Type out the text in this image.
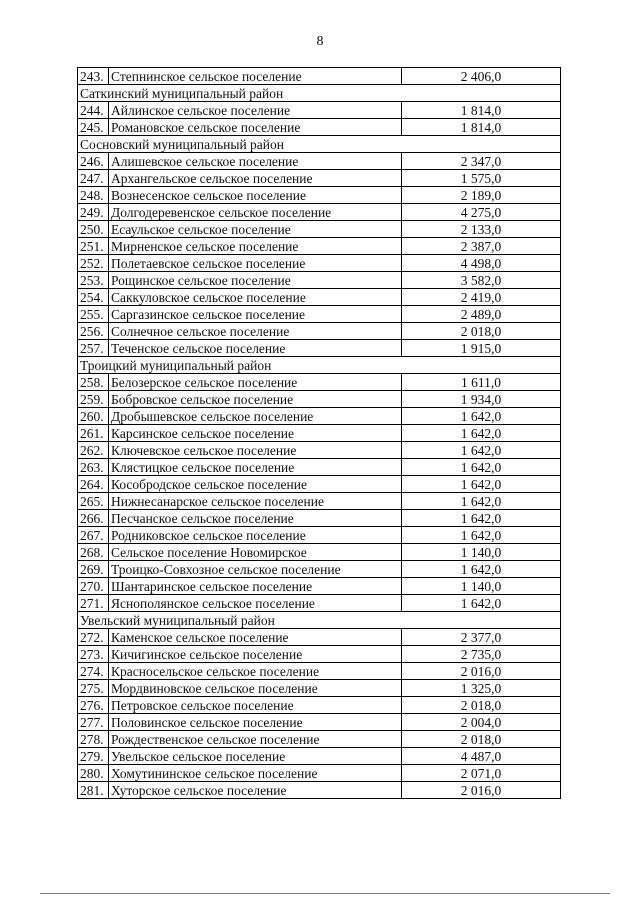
8
243.	Степнинское сельское поселение	2 406,0
Саткинский муниципальный район		
244.	Айлинское сельское поселение	1 814,0
245.	Романовское сельское поселение	1 814,0
Сосновский муниципальный район		
246.	Алишевское сельское поселение	2 347,0
247.	Архангельское сельское поселение	1 575,0
248.	Вознесенское сельское поселение	2 189,0
249.	Долгодеревенское сельское поселение	4 275,0
250.	Есаульское сельское поселение	2 133,0
251.	Мирненское сельское поселение	2 387,0
252.	Полетаевское сельское поселение	4 498,0
253.	Рощинское сельское поселение	3 582,0
254.	Саккуловское сельское поселение	2 419,0
255.	Саргазинское сельское поселение	2 489,0
256.	Солнечное сельское поселение	2 018,0
257.	Теченское сельское поселение	1 915,0
Троицкий муниципальный район		
258.	Белозерское сельское поселение	1 611,0
259.	Бобровское сельское поселение	1 934,0
260.	Дробышевское сельское поселение	1 642,0
261.	Карсинское сельское поселение	1 642,0
262.	Ключевское сельское поселение	1 642,0
263.	Клястицкое сельское поселение	1 642,0
264.	Кособродское сельское поселение	1 642,0
265.	Нижнесанарское сельское поселение	1 642,0
266.	Песчанское сельское поселение	1 642,0
267.	Родниковское сельское поселение	1 642,0
268.	Сельское поселение Новомирское	1 140,0
269.	Троицко-Совхозное сельское поселение	1 642,0
270.	Шантаринское сельское поселение	1 140,0
271.	Яснополянское сельское поселение	1 642,0
Увельский муниципальный район		
272.	Каменское сельское поселение	2 377,0
273.	Кичигинское сельское поселение	2 735,0
274.	Красносельское сельское поселение	2 016,0
275.	Мордвиновское сельское поселение	1 325,0
276.	Петровское сельское поселение	2 018,0
277.	Половинское сельское поселение	2 004,0
278.	Рождественское сельское поселение	2 018,0
279.	Увельское сельское поселение	4 487,0
280.	Хомутининское сельское поселение	2 071,0
281.	Хуторское сельское поселение	2 016,0
